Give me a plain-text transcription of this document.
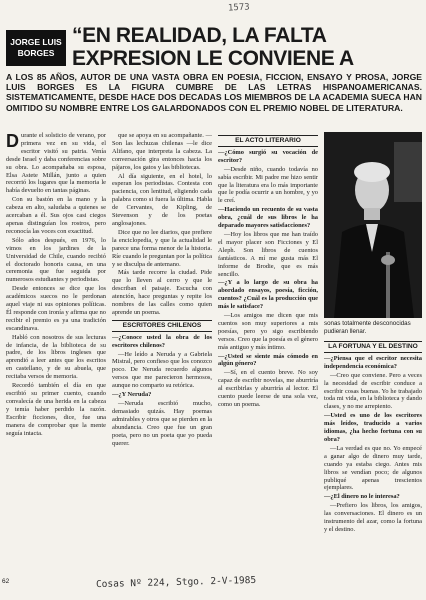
1573
JORGE LUIS
BORGES
“EN REALIDAD, LA FALTA
EXPRESION LE CONVIENE A
A LOS 85 AÑOS, AUTOR DE UNA VASTA OBRA EN POESIA, FICCION, ENSAYO Y PROSA, JORGE LUIS BORGES ES LA FIGURA CUMBRE DE LAS LETRAS HISPANOAMERICANAS. SISTEMATICAMENTE, DESDE HACE DOS DECADAS LOS MIEMBROS DE LA ACADEMIA SUECA HAN OMITIDO SU NOMBRE ENTRE LOS GALARDONADOS CON EL PREMIO NOBEL DE LITERATURA.
D urante el solsticio de verano, por primera vez en su vida, el escritor visitó su patria. Venía desde Israel y daba conferencias sobre su obra. Lo acompañaba su esposa, Elsa Astete Millán, junto a quien recorrió los lugares que la memoria le había devuelto en tantas páginas.

Con su bastón en la mano y la cabeza en alto, saludaba a quienes se acercaban a él. Sus ojos casi ciegos apenas distinguían los rostros, pero reconocía las voces con exactitud.

Sólo años después, en 1976, lo vimos en los jardines de la Universidad de Chile, cuando recibió el doctorado honoris causa, en una ceremonia que fue seguida por numerosos estudiantes y periodistas.

Desde entonces se dice que los académicos suecos no le perdonan aquel viaje ni sus opiniones políticas. Él responde con ironía y afirma que no recibir el premio es ya una tradición escandinava.

Habló con nosotros de sus lecturas de infancia, de la biblioteca de su padre, de los libros ingleses que aprendió a leer antes que los escritos en castellano, y de su abuela, que recitaba versos de memoria.

Recordó también el día en que escribió su primer cuento, cuando convalecía de una herida en la cabeza y temía haber perdido la razón. Escribir ficciones, dice, fue una manera de comprobar que la mente seguía intacta.

que se apoya en su acompañante. —Son las lechuzas chilenas —le dice Alifano, que interpreta la cabeza. La conversación gira entonces hacia los pájaros, los gatos y las bibliotecas.

Al día siguiente, en el hotel, lo esperan los periodistas. Contesta con paciencia, con lentitud, eligiendo cada palabra como si fuera la última. Habla de Cervantes, de Kipling, de Stevenson y de los poetas anglosajones.

Dice que no lee diarios, que prefiere la enciclopedia, y que la actualidad le parece una forma menor de la historia. Ríe cuando le preguntan por la política y se disculpa de antemano.

Más tarde recorre la ciudad. Pide que lo lleven al cerro y que le describan el paisaje. Escucha con atención, hace preguntas y repite los nombres de las calles como quien aprende un poema.

ESCRITORES CHILENOS

—¿Conoce usted la obra de los escritores chilenos?

—He leído a Neruda y a Gabriela Mistral, pero confieso que los conozco poco. De Neruda recuerdo algunos versos que me parecieron hermosos, aunque no comparto su retórica.

—¿Y Neruda?

—Neruda escribió mucho, demasiado quizás. Hay poemas admirables y otros que se pierden en la abundancia. Creo que fue un gran poeta, pero no un poeta que yo pueda querer.

EL ACTO LITERARIO

—¿Cómo surgió su vocación de escritor?

—Desde niño, cuando todavía no sabía escribir. Mi padre me hizo sentir que la literatura era lo más importante que le podía ocurrir a un hombre, y yo le creí.

—Haciendo un recuento de su vasta obra, ¿cuál de sus libros le ha deparado mayores satisfacciones?

—Hoy los libros que me han traído el mayor placer son Ficciones y El Aleph. Son libros de cuentos fantásticos. A mí me gusta más El informe de Brodie, que es más sencillo.

—¿Y a lo largo de su obra ha abordado ensayos, poesía, ficción, cuentos? ¿Cuál es la producción que más le satisface?

—Los amigos me dicen que mis cuentos son muy superiores a mis poesías, pero yo sigo escribiendo versos. Creo que la poesía es el género más antiguo y más íntimo.

—¿Usted se siente más cómodo en algún género?

—Sí, en el cuento breve. No soy capaz de escribir novelas, me aburriría al escribirlas y aburriría al lector. El cuento puede leerse de una sola vez, como un poema.

sonas totalmente desconocidas pudieran llenar.
LA FORTUNA Y EL DESTINO

—¿Piensa que el escritor necesita independencia económica?

—Creo que conviene. Pero a veces la necesidad de escribir conduce a escribir cosas buenas. Yo he trabajado toda mi vida, en la biblioteca y dando clases, y no me arrepiento.

—Usted es uno de los escritores más leídos, traducido a varios idiomas, ¿ha hecho fortuna con su obra?

—La verdad es que no. Yo empecé a ganar algo de dinero muy tarde, cuando ya estaba ciego. Antes mis libros se vendían poco; de algunos publiqué apenas trescientos ejemplares.

—¿El dinero no le interesa?

—Prefiero los libros, los amigos, las conversaciones. El dinero es un instrumento del azar, como la fortuna y el destino.

62	Cosas Nº 224, Stgo. 2-V-1985
